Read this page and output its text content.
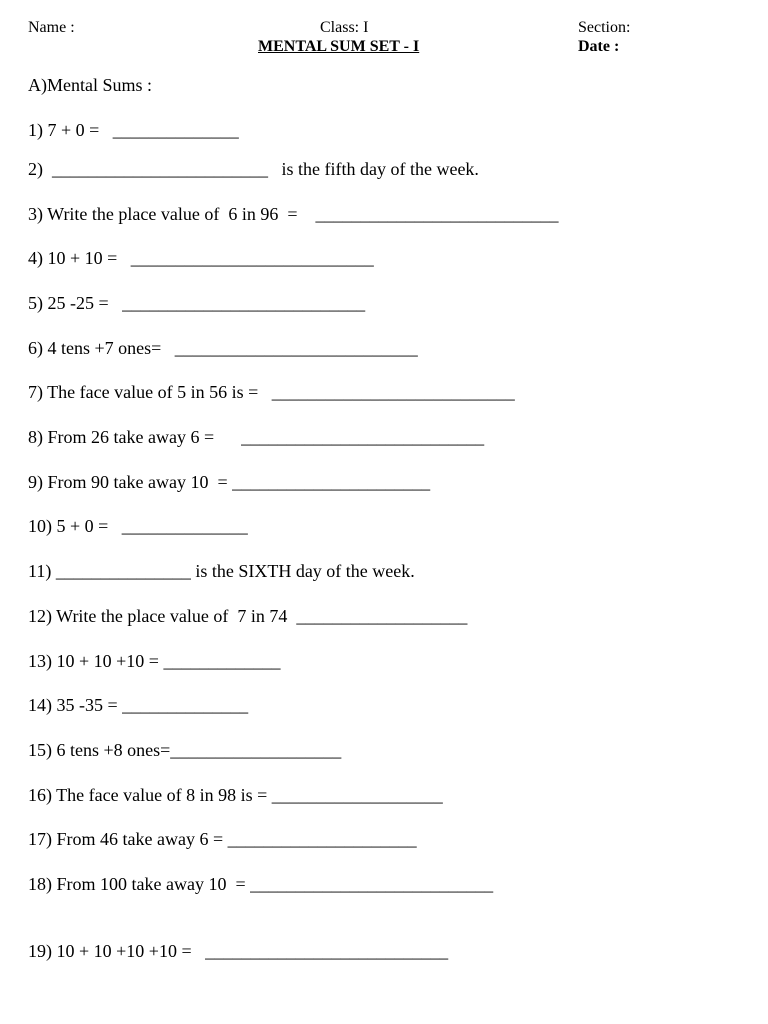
Name :	Class: I	Section:
MENTAL SUM SET - I	Date :
A)Mental Sums :
1) 7 + 0 =   ______________
2)  ________________________   is the fifth day of the week.
3) Write the place value of  6 in 96  =    ___________________________
4) 10 + 10 =   ___________________________
5) 25 -25 =   ___________________________
6) 4 tens +7 ones=   ___________________________
7) The face value of 5 in 56 is =   ___________________________
8) From 26 take away 6 =      ___________________________
9) From 90 take away 10  = ______________________
10) 5 + 0 =   ______________
11) _______________ is the SIXTH day of the week.
12) Write the place value of  7 in 74  ___________________
13) 10 + 10 +10 = _____________
14) 35 -35 = ______________
15) 6 tens +8 ones=___________________
16) The face value of 8 in 98 is = ___________________
17) From 46 take away 6 = _____________________
18) From 100 take away 10  = ___________________________
19) 10 + 10 +10 +10 =   ___________________________
